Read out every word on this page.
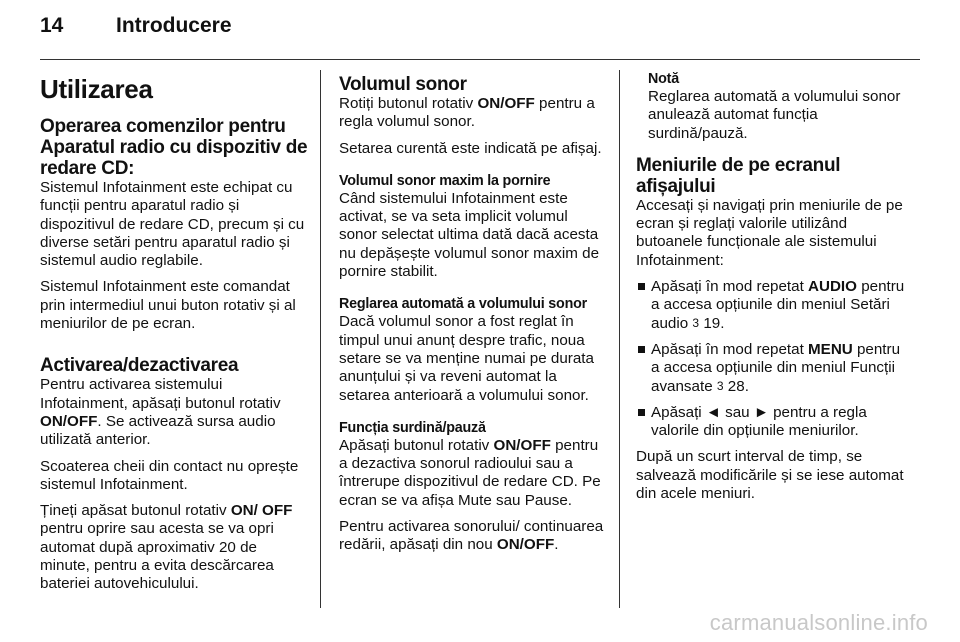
14	Introducere
Utilizarea
Operarea comenzilor pentru Aparatul radio cu dispozitiv de redare CD:

Sistemul Infotainment este echipat cu funcții pentru aparatul radio și dispozitivul de redare CD, precum și cu diverse setări pentru aparatul radio și sistemul audio reglabile.

Sistemul Infotainment este comandat prin intermediul unui buton rotativ și al meniurilor de pe ecran.

Activarea/dezactivarea

Pentru activarea sistemului Infotainment, apăsați butonul rotativ ON/OFF. Se activează sursa audio utilizată anterior.

Scoaterea cheii din contact nu oprește sistemul Infotainment.

Țineți apăsat butonul rotativ ON/ OFF pentru oprire sau acesta se va opri automat după aproximativ 20 de minute, pentru a evita descărcarea bateriei autovehiculului.

Volumul sonor

Rotiți butonul rotativ ON/OFF pentru a regla volumul sonor.

Setarea curentă este indicată pe afișaj.

Volumul sonor maxim la pornire

Când sistemului Infotainment este activat, se va seta implicit volumul sonor selectat ultima dată dacă acesta nu depășește volumul sonor maxim de pornire stabilit.

Reglarea automată a volumului sonor

Dacă volumul sonor a fost reglat în timpul unui anunț despre trafic, noua setare se va menține numai pe durata anunțului și va reveni automat la setarea anterioară a volumului sonor.

Funcția surdină/pauză

Apăsați butonul rotativ ON/OFF pentru a dezactiva sonorul radioului sau a întrerupe dispozitivul de redare CD. Pe ecran se va afișa Mute sau Pause.

Pentru activarea sonorului/ continuarea redării, apăsați din nou ON/OFF.

Notă

Reglarea automată a volumului sonor anulează automat funcția surdină/pauză.

Meniurile de pe ecranul afișajului

Accesați și navigați prin meniurile de pe ecran și reglați valorile utilizând butoanele funcționale ale sistemului Infotainment:

Apăsați în mod repetat AUDIO pentru a accesa opțiunile din meniul Setări audio 3 19.
Apăsați în mod repetat MENU pentru a accesa opțiunile din meniul Funcții avansate 3 28.
Apăsați ◄ sau ► pentru a regla valorile din opțiunile meniurilor.

După un scurt interval de timp, se salvează modificările și se iese automat din acele meniuri.

carmanualsonline.info
